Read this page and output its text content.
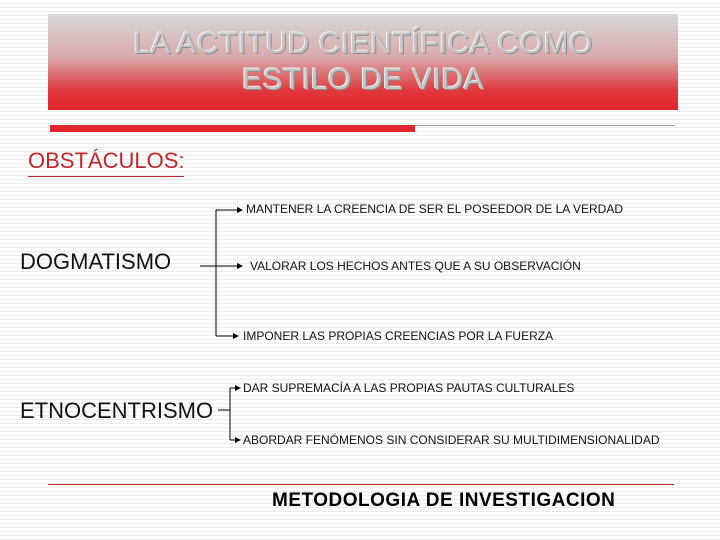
LA ACTITUD CIENTÍFICA COMO
ESTILO DE VIDA
OBSTÁCULOS:
DOGMATISMO
MANTENER LA CREENCIA DE SER EL POSEEDOR DE LA VERDAD
VALORAR LOS HECHOS ANTES QUE A SU OBSERVACIÓN
IMPONER LAS PROPIAS CREENCIAS POR LA FUERZA
ETNOCENTRISMO
DAR SUPREMACÍA A LAS PROPIAS PAUTAS CULTURALES
ABORDAR FENÓMENOS SIN CONSIDERAR SU MULTIDIMENSIONALIDAD
METODOLOGIA DE INVESTIGACION
